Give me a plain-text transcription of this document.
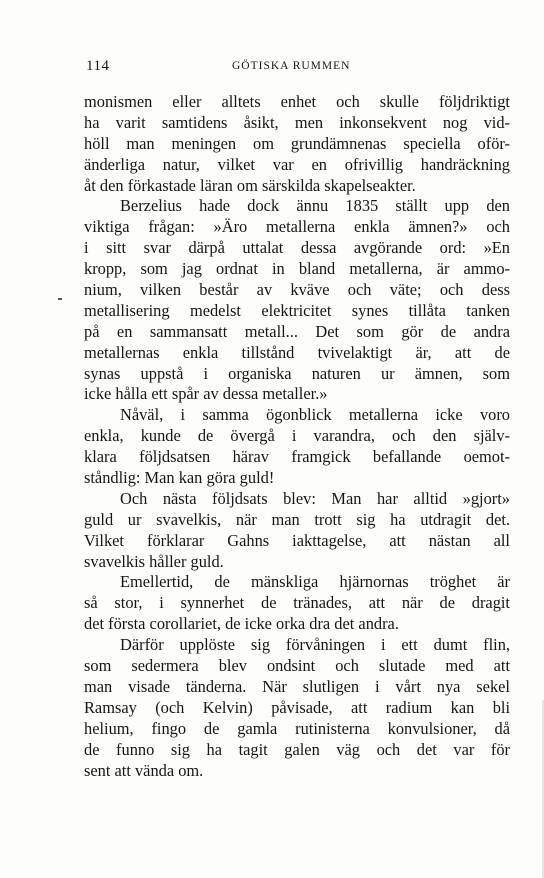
114	GÖTISKA RUMMEN
monismen eller alltets enhet och skulle följdriktigt
ha varit samtidens åsikt, men inkonsekvent nog vid-
höll man meningen om grundämnenas speciella oför-
änderliga natur, vilket var en ofrivillig handräckning
åt den förkastade läran om särskilda skapelseakter.
Berzelius hade dock ännu 1835 ställt upp den
viktiga frågan: »Äro metallerna enkla ämnen?» och
i sitt svar därpå uttalat dessa avgörande ord: »En
kropp, som jag ordnat in bland metallerna, är ammo-
nium, vilken består av kväve och väte; och dess
metallisering medelst elektricitet synes tillåta tanken
på en sammansatt metall... Det som gör de andra
metallernas enkla tillstånd tvivelaktigt är, att de
synas uppstå i organiska naturen ur ämnen, som
icke hålla ett spår av dessa metaller.»
Nåväl, i samma ögonblick metallerna icke voro
enkla, kunde de övergå i varandra, och den själv-
klara följdsatsen härav framgick befallande oemot-
ståndlig: Man kan göra guld!
Och nästa följdsats blev: Man har alltid »gjort»
guld ur svavelkis, när man trott sig ha utdragit det.
Vilket förklarar Gahns iakttagelse, att nästan all
svavelkis håller guld.
Emellertid, de mänskliga hjärnornas tröghet är
så stor, i synnerhet de tränades, att när de dragit
det första corollariet, de icke orka dra det andra.
Därför upplöste sig förvåningen i ett dumt flin,
som sedermera blev ondsint och slutade med att
man visade tänderna. När slutligen i vårt nya sekel
Ramsay (och Kelvin) påvisade, att radium kan bli
helium, fingo de gamla rutinisterna konvulsioner, då
de funno sig ha tagit galen väg och det var för
sent att vända om.
